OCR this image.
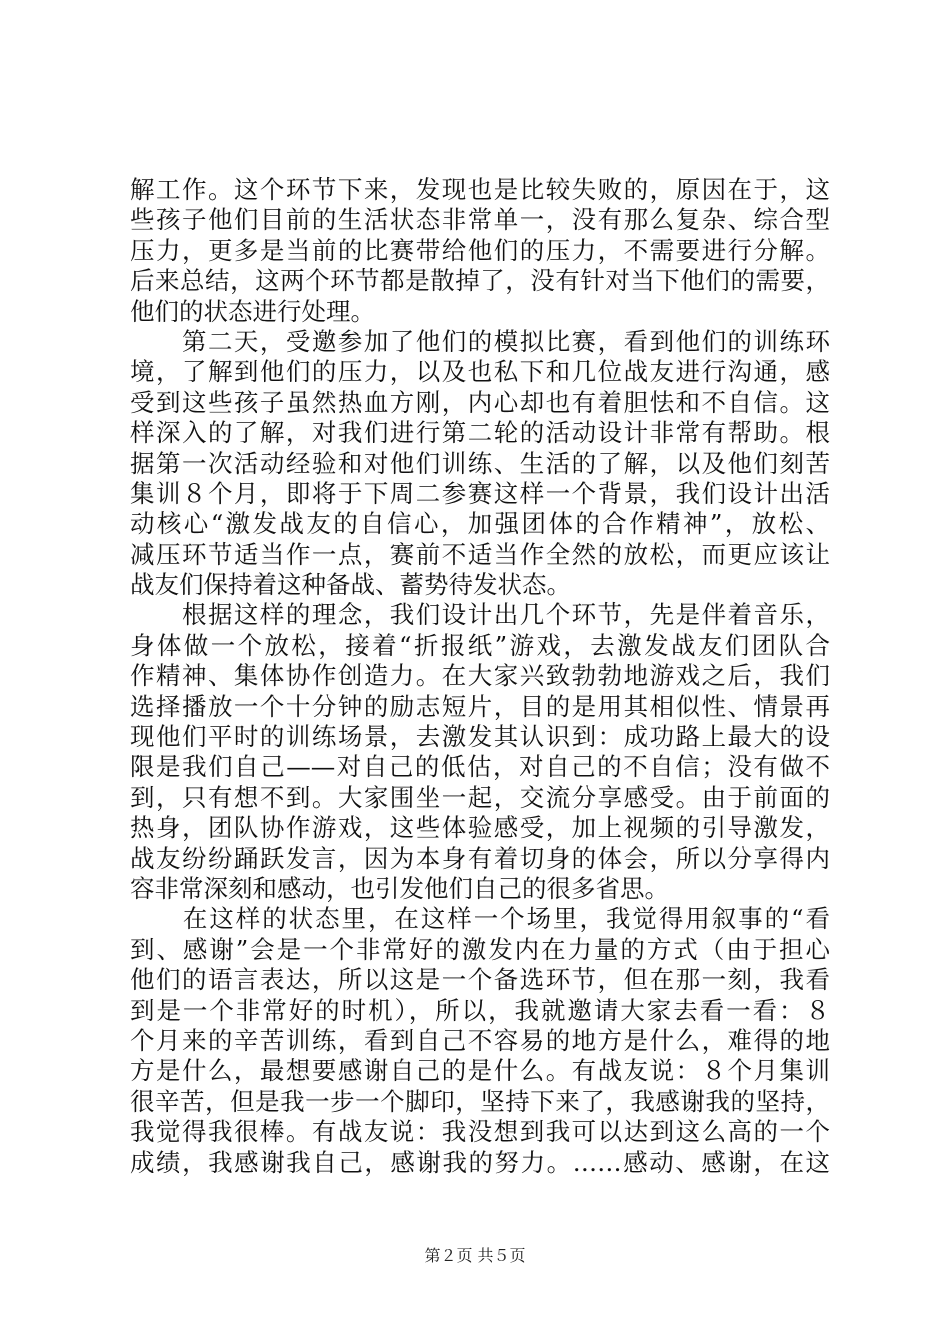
解工作。这个环节下来，发现也是比较失败的，原因在于，这
些孩子他们目前的生活状态非常单一，没有那么复杂、综合型
压力，更多是当前的比赛带给他们的压力，不需要进行分解。
后来总结，这两个环节都是散掉了，没有针对当下他们的需要，
他们的状态进行处理。
　　第二天，受邀参加了他们的模拟比赛，看到他们的训练环
境，了解到他们的压力，以及也私下和几位战友进行沟通，感
受到这些孩子虽然热血方刚，内心却也有着胆怯和不自信。这
样深入的了解，对我们进行第二轮的活动设计非常有帮助。根
据第一次活动经验和对他们训练、生活的了解，以及他们刻苦
集训８个月，即将于下周二参赛这样一个背景，我们设计出活
动核心“激发战友的自信心，加强团体的合作精神”，放松、
减压环节适当作一点，赛前不适当作全然的放松，而更应该让
战友们保持着这种备战、蓄势待发状态。
　　根据这样的理念，我们设计出几个环节，先是伴着音乐，
身体做一个放松，接着“折报纸”游戏，去激发战友们团队合
作精神、集体协作创造力。在大家兴致勃勃地游戏之后，我们
选择播放一个十分钟的励志短片，目的是用其相似性、情景再
现他们平时的训练场景，去激发其认识到：成功路上最大的设
限是我们自己——对自己的低估，对自己的不自信；没有做不
到，只有想不到。大家围坐一起，交流分享感受。由于前面的
热身，团队协作游戏，这些体验感受，加上视频的引导激发，
战友纷纷踊跃发言，因为本身有着切身的体会，所以分享得内
容非常深刻和感动，也引发他们自己的很多省思。
　　在这样的状态里，在这样一个场里，我觉得用叙事的“看
到、感谢”会是一个非常好的激发内在力量的方式（由于担心
他们的语言表达，所以这是一个备选环节，但在那一刻，我看
到是一个非常好的时机），所以，我就邀请大家去看一看：８
个月来的辛苦训练，看到自己不容易的地方是什么，难得的地
方是什么，最想要感谢自己的是什么。有战友说：８个月集训
很辛苦，但是我一步一个脚印，坚持下来了，我感谢我的坚持，
我觉得我很棒。有战友说：我没想到我可以达到这么高的一个
成绩，我感谢我自己，感谢我的努力。……感动、感谢，在这
第２页 共５页
